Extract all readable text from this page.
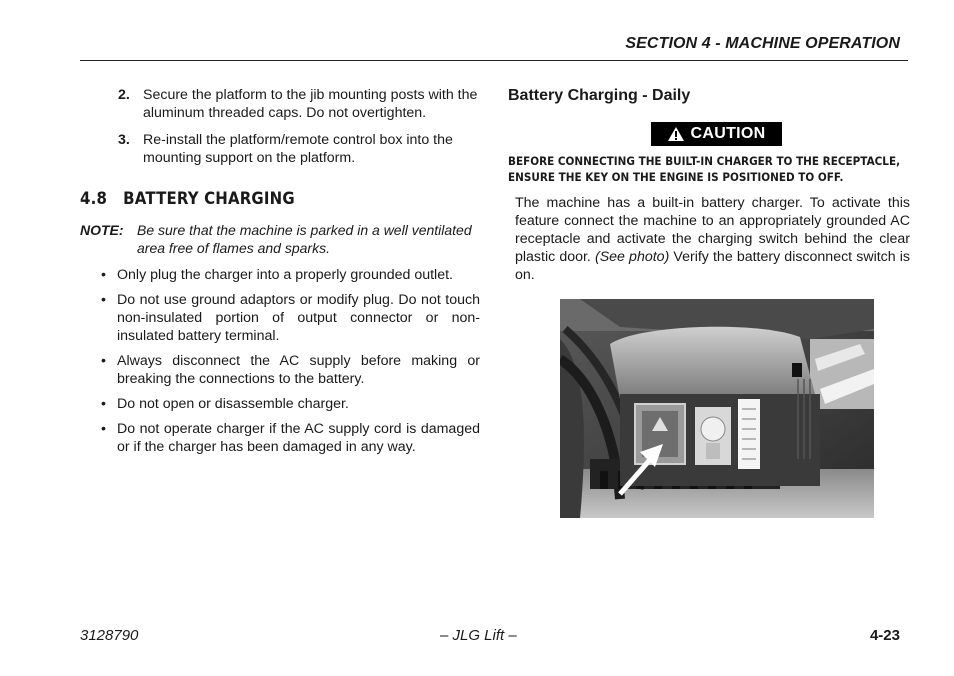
SECTION 4 - MACHINE OPERATION
2. Secure the platform to the jib mounting posts with the aluminum threaded caps. Do not overtighten.
3. Re-install the platform/remote control box into the mounting support on the platform.
4.8   BATTERY CHARGING
NOTE: Be sure that the machine is parked in a well ventilated area free of flames and sparks.
• Only plug the charger into a properly grounded outlet.
• Do not use ground adaptors or modify plug. Do not touch non-insulated portion of output connector or non-insulated battery terminal.
• Always disconnect the AC supply before making or breaking the connections to the battery.
• Do not open or disassemble charger.
• Do not operate charger if the AC supply cord is damaged or if the charger has been damaged in any way.
Battery Charging - Daily
CAUTION
BEFORE CONNECTING THE BUILT-IN CHARGER TO THE RECEPTACLE, ENSURE THE KEY ON THE ENGINE IS POSITIONED TO OFF.
The machine has a built-in battery charger. To activate this feature connect the machine to an appropriately grounded AC receptacle and activate the charging switch behind the clear plastic door. (See photo) Verify the battery disconnect switch is on.
3128790	– JLG Lift –	4-23
